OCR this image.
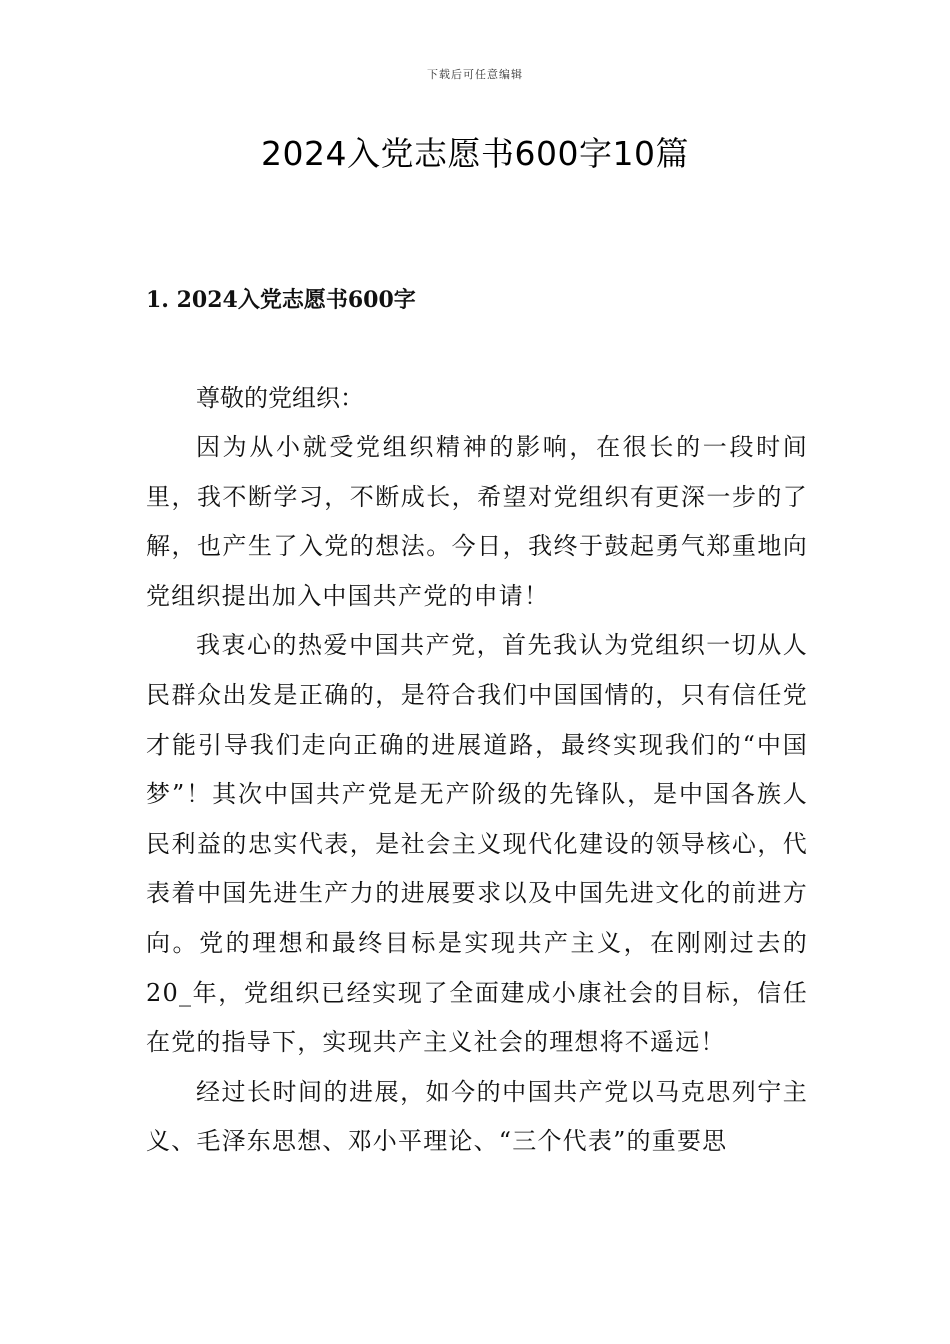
下载后可任意编辑
2024入党志愿书600字10篇
1. 2024入党志愿书600字

尊敬的党组织：

因为从小就受党组织精神的影响，在很长的一段时间里，我不断学习，不断成长，希望对党组织有更深一步的了解，也产生了入党的想法。今日，我终于鼓起勇气郑重地向党组织提出加入中国共产党的申请！

我衷心的热爱中国共产党，首先我认为党组织一切从人民群众出发是正确的，是符合我们中国国情的，只有信任党才能引导我们走向正确的进展道路，最终实现我们的“中国梦”！其次中国共产党是无产阶级的先锋队，是中国各族人民利益的忠实代表，是社会主义现代化建设的领导核心，代表着中国先进生产力的进展要求以及中国先进文化的前进方向。党的理想和最终目标是实现共产主义，在刚刚过去的20_年，党组织已经实现了全面建成小康社会的目标，信任在党的指导下，实现共产主义社会的理想将不遥远！

经过长时间的进展，如今的中国共产党以马克思列宁主义、毛泽东思想、邓小平理论、“三个代表”的重要思
